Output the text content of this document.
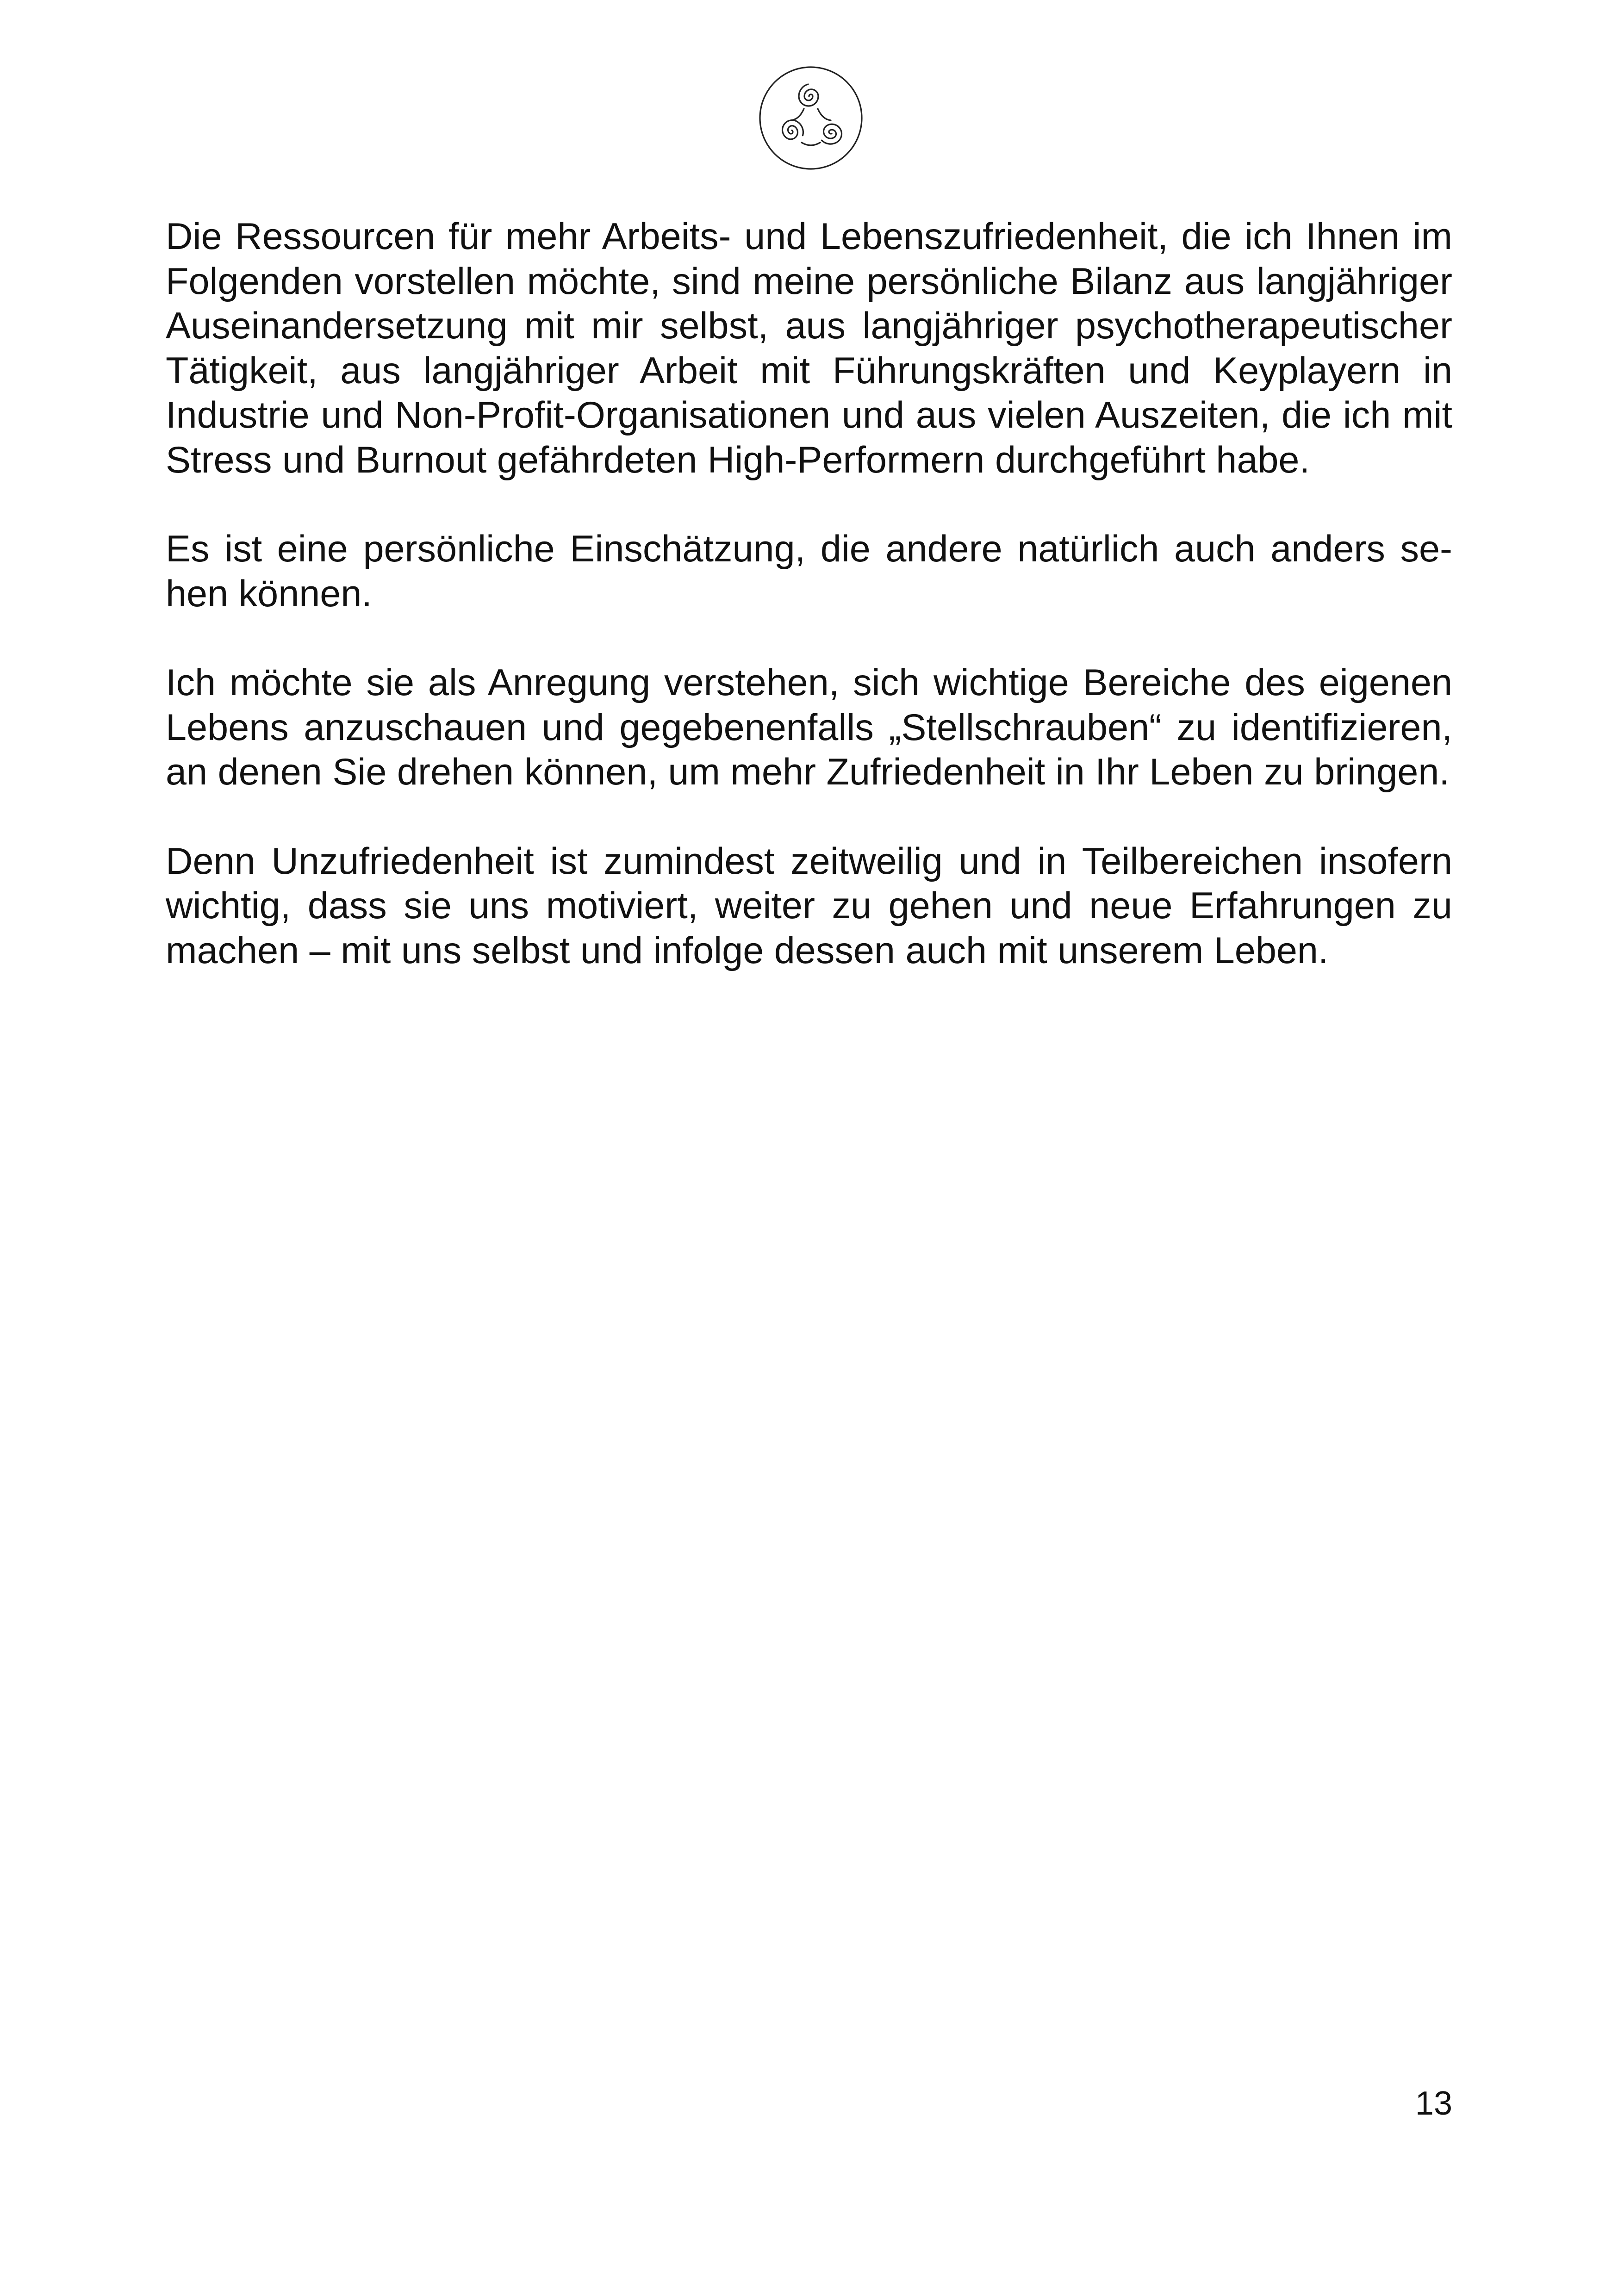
Die Ressourcen für mehr Arbeits- und Lebenszufriedenheit, die ich Ihnen im Folgenden vorstellen möchte, sind meine persönliche Bilanz aus langjähriger Auseinandersetzung mit mir selbst, aus langjähriger psychotherapeutischer Tätigkeit, aus langjähriger Arbeit mit Führungskräften und Keyplayern in Industrie und Non-Profit-Organisationen und aus vielen Auszeiten, die ich mit Stress und Burnout gefährdeten High-Performern durchgeführt habe.

Es ist eine persönliche Einschätzung, die andere natürlich auch anders sehen können.

Ich möchte sie als Anregung verstehen, sich wichtige Bereiche des eigenen Lebens anzuschauen und gegebenenfalls „Stellschrauben“ zu identifizieren, an denen Sie drehen können, um mehr Zufriedenheit in Ihr Leben zu bringen.

Denn Unzufriedenheit ist zumindest zeitweilig und in Teilbereichen insofern wichtig, dass sie uns motiviert, weiter zu gehen und neue Erfahrungen zu machen – mit uns selbst und infolge dessen auch mit unserem Leben.

13
